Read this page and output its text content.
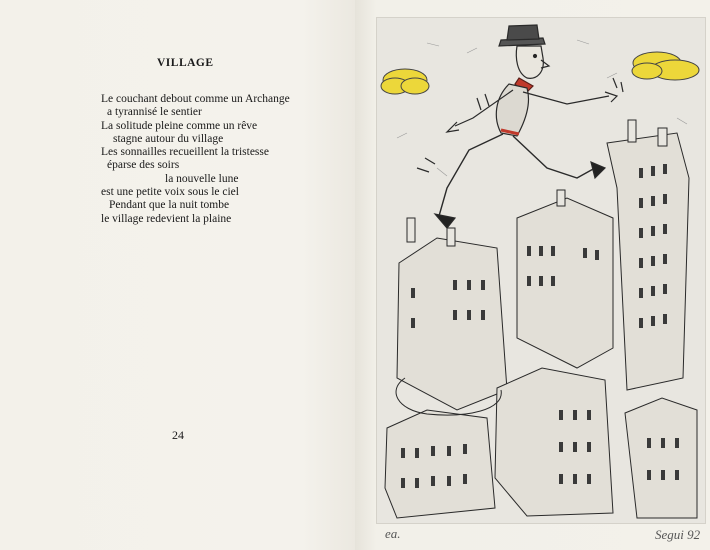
VILLAGE
Le couchant debout comme un Archange
a tyrannisé le sentier
La solitude pleine comme un rêve
stagne autour du village
Les sonnailles recueillent la tristesse
éparse des soirs
la nouvelle lune
est une petite voix sous le ciel
Pendant que la nuit tombe
le village redevient la plaine
24
ea.	Segui 92
